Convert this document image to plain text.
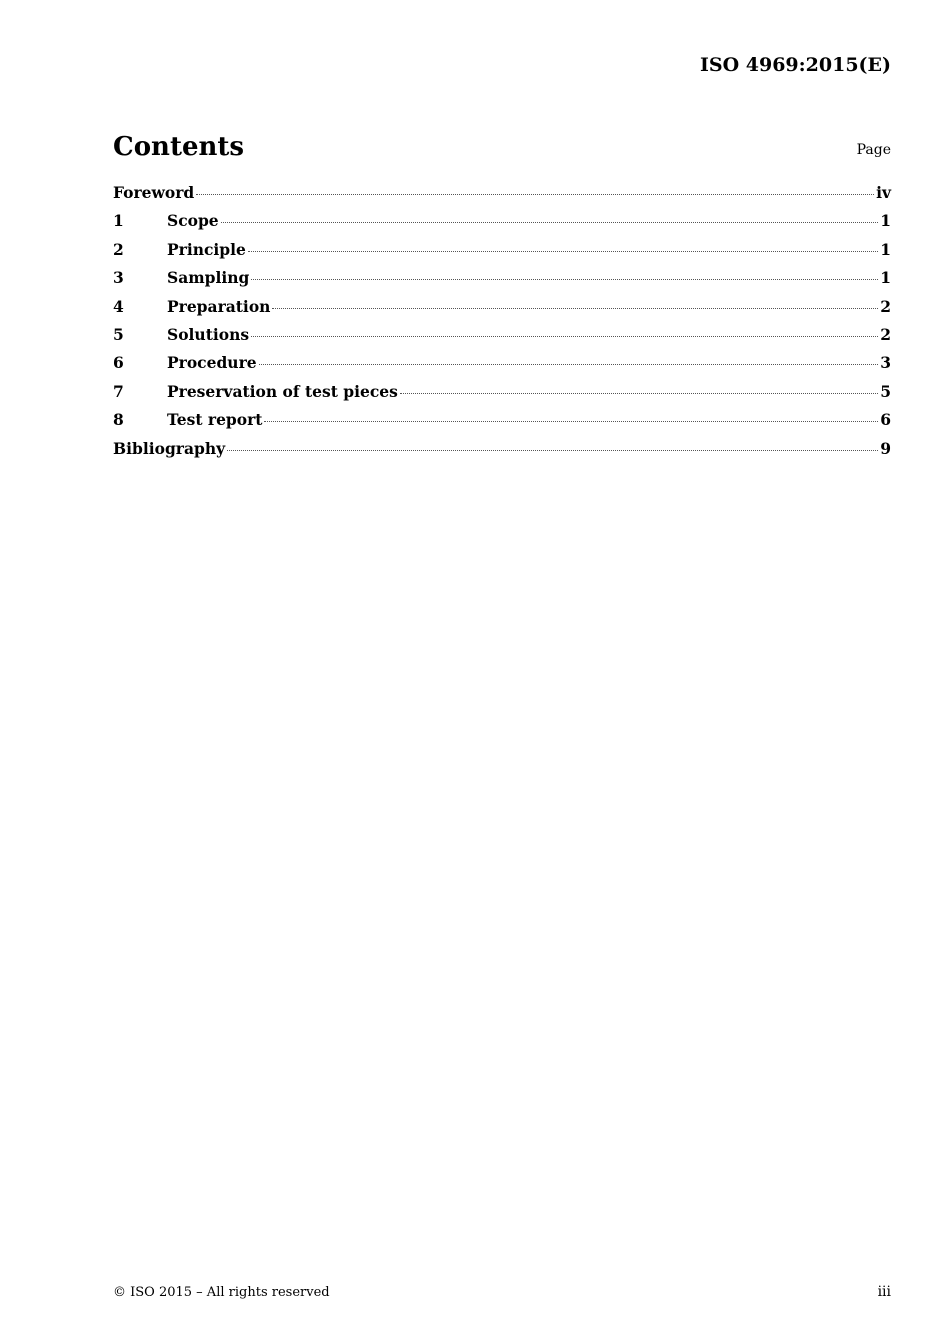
ISO 4969:2015(E)
Contents	Page
Foreword	iv
1	Scope	1
2	Principle	1
3	Sampling	1
4	Preparation	2
5	Solutions	2
6	Procedure	3
7	Preservation of test pieces	5
8	Test report	6
Bibliography	9
© ISO 2015 – All rights reserved	iii
